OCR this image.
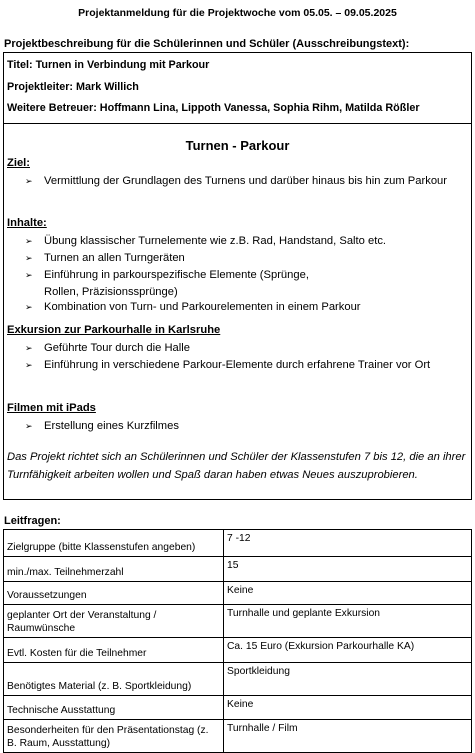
Projektanmeldung für die Projektwoche vom 05.05. – 09.05.2025
Projektbeschreibung für die Schülerinnen und Schüler (Ausschreibungstext):
Titel: Turnen in Verbindung mit Parkour
Projektleiter: Mark Willich
Weitere Betreuer: Hoffmann Lina, Lippoth Vanessa, Sophia Rihm, Matilda Rößler
Turnen - Parkour
Ziel:
➢	Vermittlung der Grundlagen des Turnens und darüber hinaus bis hin zum Parkour
Inhalte:
➢	Übung klassischer Turnelemente wie z.B. Rad, Handstand, Salto etc.
➢	Turnen an allen Turngeräten
➢	Einführung in parkourspezifische Elemente (Sprünge, Rollen, Präzisionssprünge)
➢	Kombination von Turn- und Parkourelementen in einem Parkour
Exkursion zur Parkourhalle in Karlsruhe
➢	Geführte Tour durch die Halle
➢	Einführung in verschiedene Parkour-Elemente durch erfahrene Trainer vor Ort
Filmen mit iPads
➢	Erstellung eines Kurzfilmes
Das Projekt richtet sich an Schülerinnen und Schüler der Klassenstufen 7 bis 12, die an ihrer Turnfähigkeit arbeiten wollen und Spaß daran haben etwas Neues auszuprobieren.
Leitfragen:
Zielgruppe (bitte Klassenstufen angeben)	7 -12
min./max. Teilnehmerzahl	15
Voraussetzungen	Keine
geplanter Ort der Veranstaltung / Raumwünsche	Turnhalle und geplante Exkursion
Evtl. Kosten für die Teilnehmer	Ca. 15 Euro (Exkursion Parkourhalle KA)
Benötigtes Material (z. B. Sportkleidung)	Sportkleidung
Technische Ausstattung	Keine
Besonderheiten für den Präsentationstag (z. B. Raum, Ausstattung)	Turnhalle / Film
